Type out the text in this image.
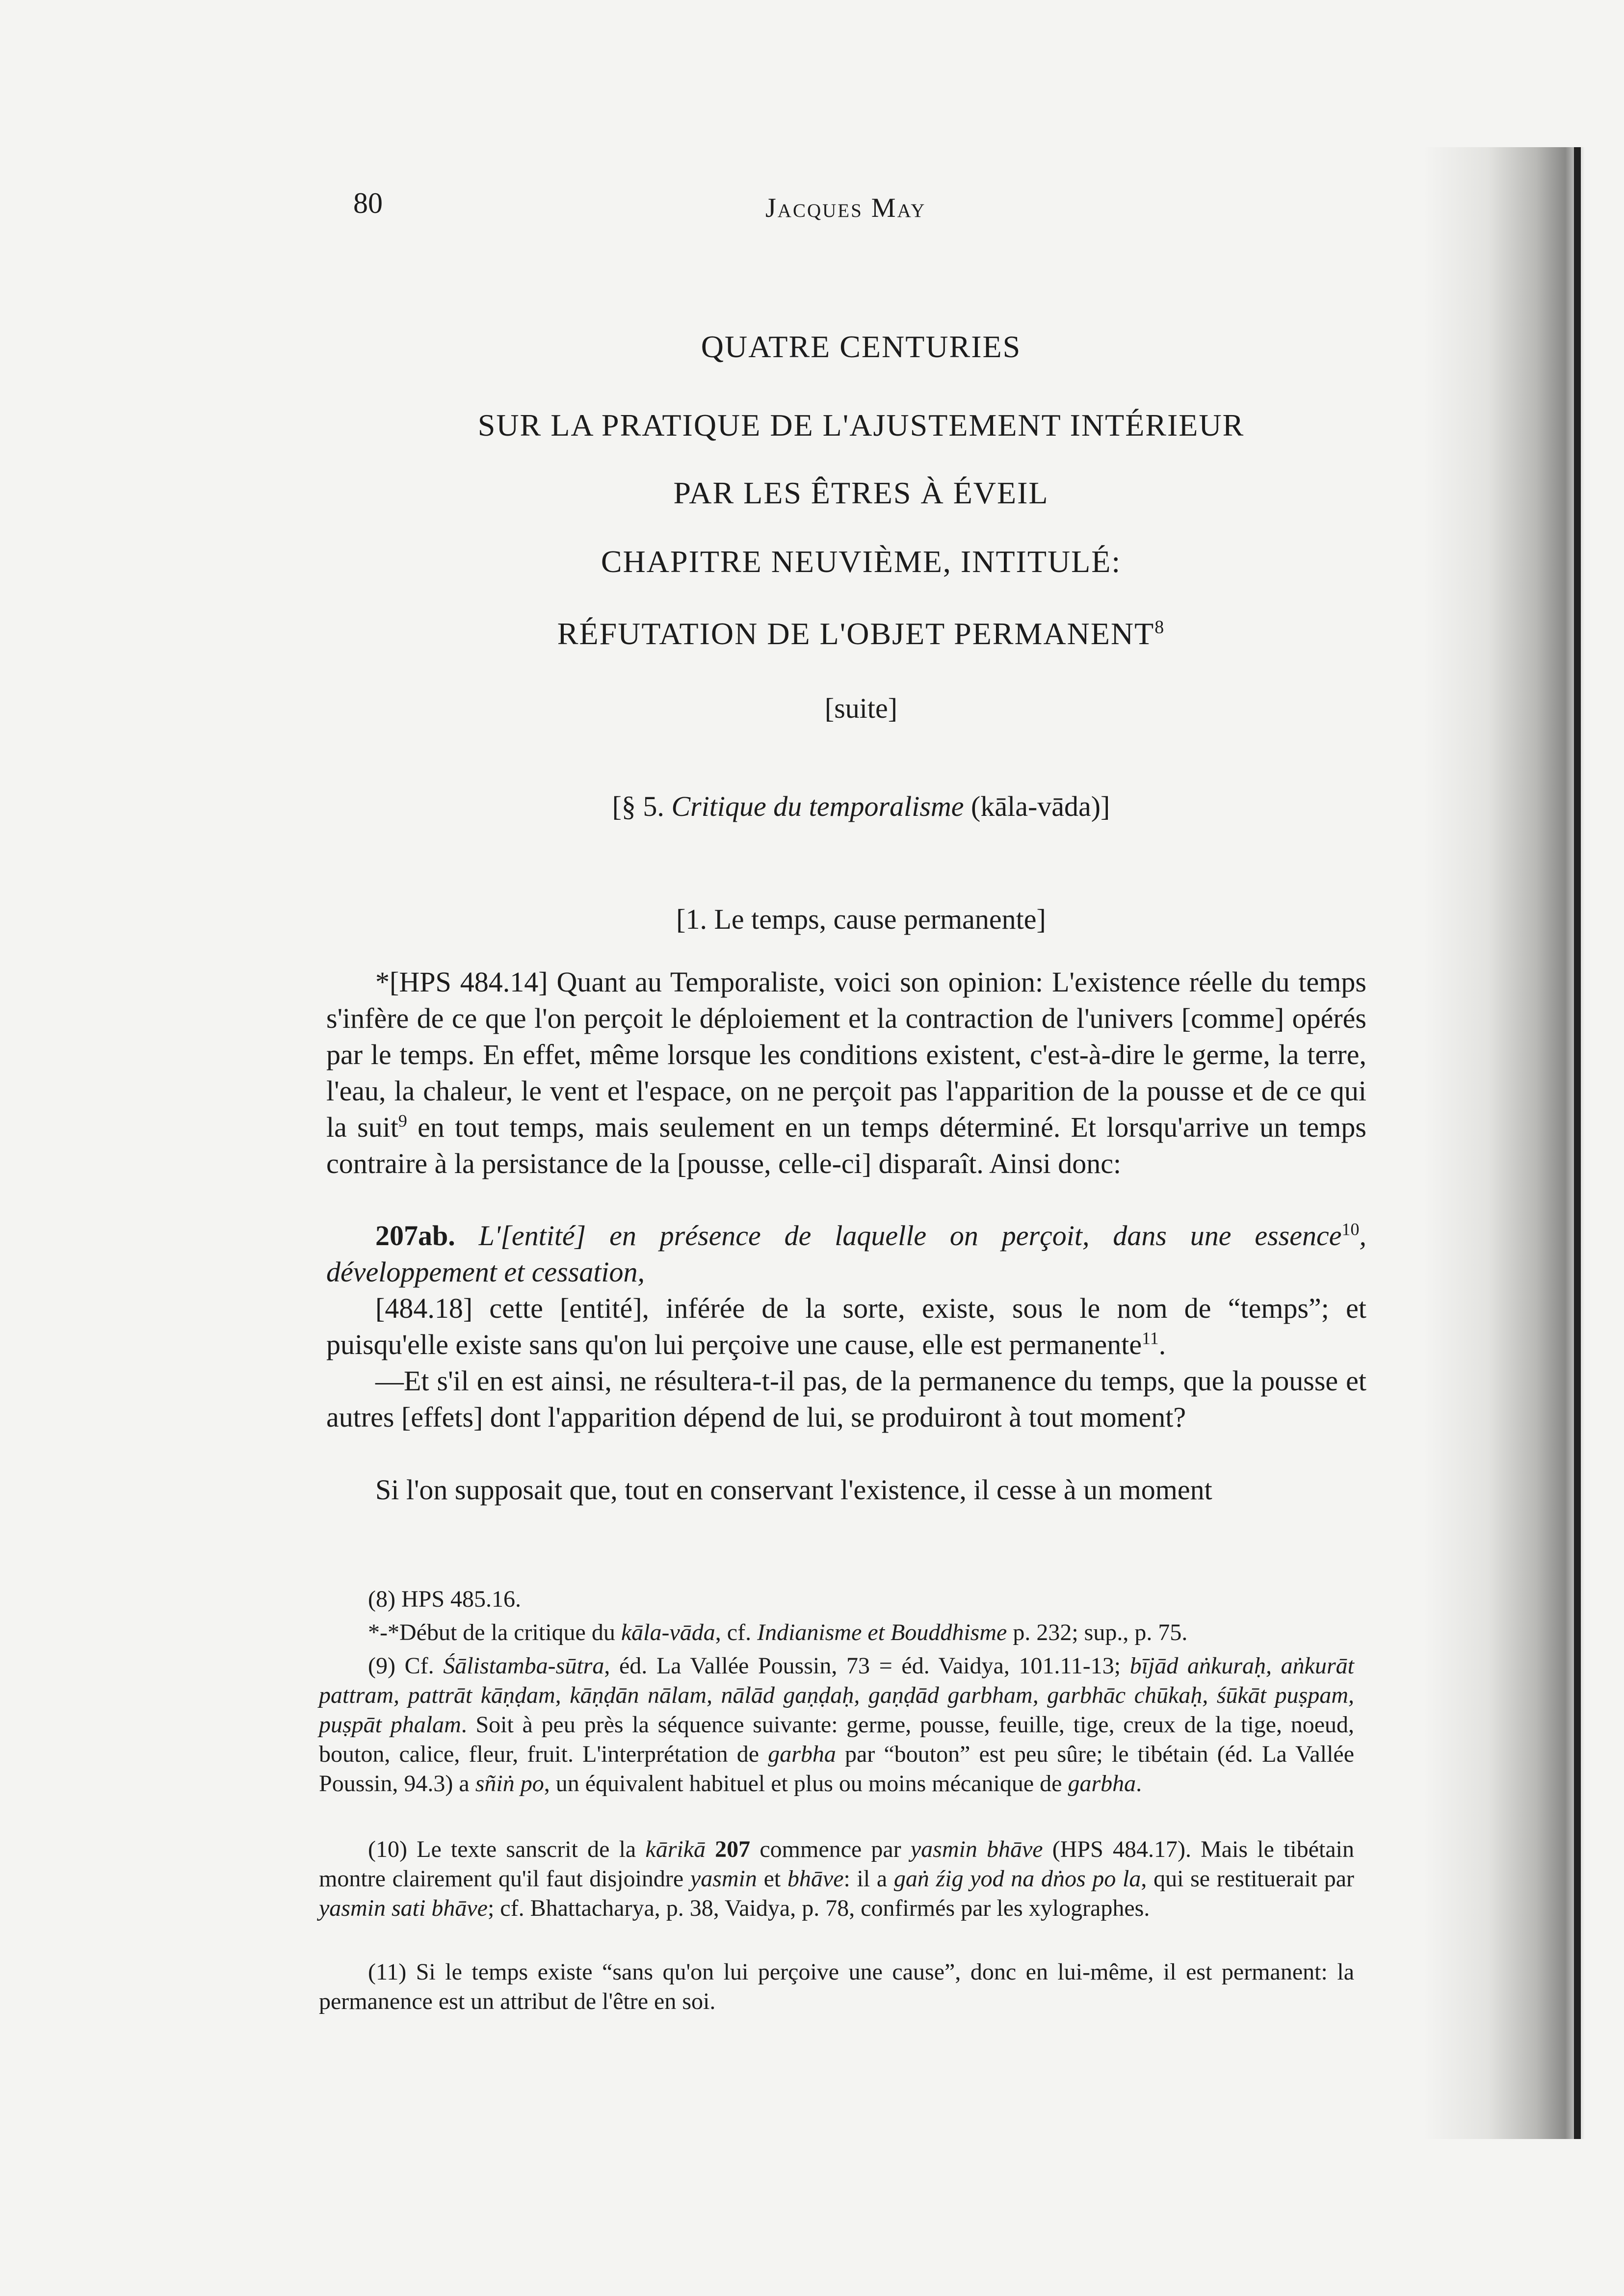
80	Jacques May
QUATRE CENTURIES
SUR LA PRATIQUE DE L'AJUSTEMENT INTÉRIEUR
PAR LES ÊTRES À ÉVEIL
CHAPITRE NEUVIÈME, INTITULÉ:
RÉFUTATION DE L'OBJET PERMANENT$^8$
[suite]
[§ 5. Critique du temporalisme (kāla-vāda)]
[1. Le temps, cause permanente]

*[HPS 484.14] Quant au Temporaliste, voici son opinion: L'existence réelle du temps s'infère de ce que l'on perçoit le déploiement et la contraction de l'univers [comme] opérés par le temps. En effet, même lorsque les conditions existent, c'est-à-dire le germe, la terre, l'eau, la chaleur, le vent et l'espace, on ne perçoit pas l'apparition de la pousse et de ce qui la suit$^9$ en tout temps, mais seulement en un temps déterminé. Et lorsqu'arrive un temps contraire à la persistance de la [pousse, celle-ci] disparaît. Ainsi donc:

207ab. L'[entité] en présence de laquelle on perçoit, dans une essence$^{10}$, développement et cessation,

[484.18] cette [entité], inférée de la sorte, existe, sous le nom de “temps”; et puisqu'elle existe sans qu'on lui perçoive une cause, elle est permanente$^{11}$.

—Et s'il en est ainsi, ne résultera-t-il pas, de la permanence du temps, que la pousse et autres [effets] dont l'apparition dépend de lui, se produiront à tout moment?

Si l'on supposait que, tout en conservant l'existence, il cesse à un moment

(8) HPS 485.16.

*-*Début de la critique du kāla-vāda, cf. Indianisme et Bouddhisme p. 232; sup., p. 75.

(9) Cf. Śālistamba-sūtra, éd. La Vallée Poussin, 73 = éd. Vaidya, 101.11-13; bījād aṅkuraḥ, aṅkurāt pattram, pattrāt kāṇḍam, kāṇḍān nālam, nālād gaṇḍaḥ, gaṇḍād garbham, garbhāc chūkaḥ, śūkāt puṣpam, puṣpāt phalam. Soit à peu près la séquence suivante: germe, pousse, feuille, tige, creux de la tige, noeud, bouton, calice, fleur, fruit. L'interprétation de garbha par “bouton” est peu sûre; le tibétain (éd. La Vallée Poussin, 94.3) a sñiṅ po, un équivalent habituel et plus ou moins mécanique de garbha.

(10) Le texte sanscrit de la kārikā 207 commence par yasmin bhāve (HPS 484.17). Mais le tibétain montre clairement qu'il faut disjoindre yasmin et bhāve: il a gaṅ źig yod na dṅos po la, qui se restituerait par yasmin sati bhāve; cf. Bhattacharya, p. 38, Vaidya, p. 78, confirmés par les xylographes.

(11) Si le temps existe “sans qu'on lui perçoive une cause”, donc en lui-même, il est permanent: la permanence est un attribut de l'être en soi.
